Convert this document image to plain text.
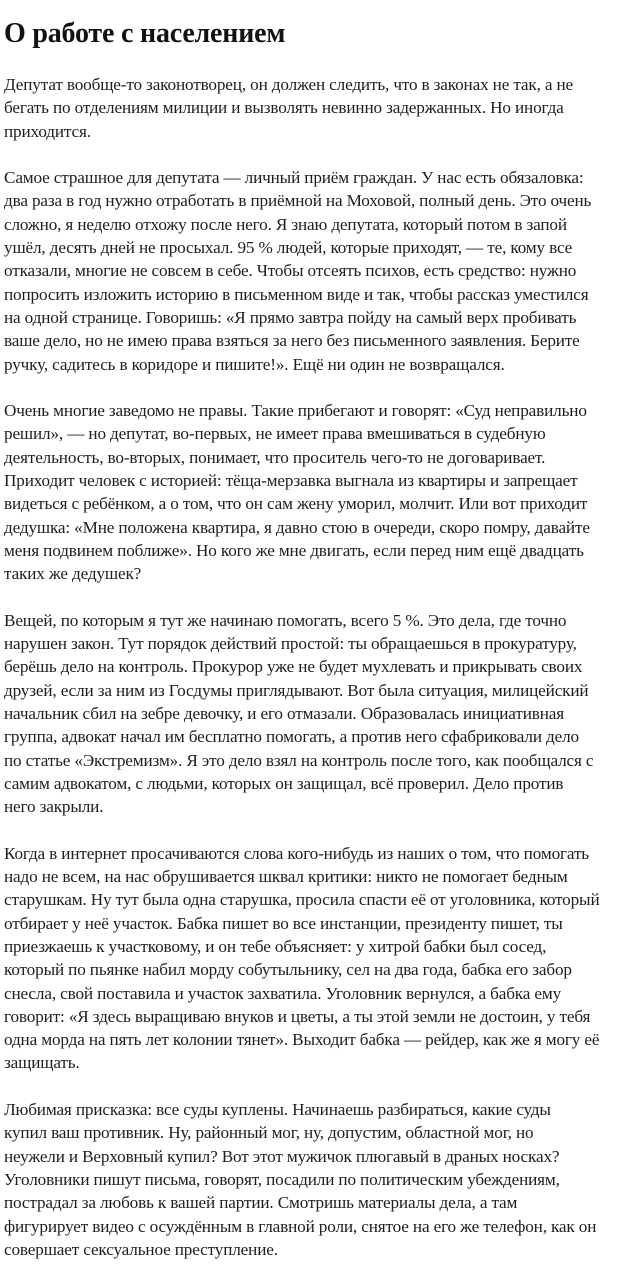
О работе с населением

Депутат вообще-то законотворец, он должен следить, что в законах не так, а не
бегать по отделениям милиции и вызволять невинно задержанных. Но иногда
приходится.

Самое страшное для депутата — личный приём граждан. У нас есть обязаловка:
два раза в год нужно отработать в приёмной на Моховой, полный день. Это очень
сложно, я неделю отхожу после него. Я знаю депутата, который потом в запой
ушёл, десять дней не просыхал. 95 % людей, которые приходят, — те, кому все
отказали, многие не совсем в себе. Чтобы отсеять психов, есть средство: нужно
попросить изложить историю в письменном виде и так, чтобы рассказ уместился
на одной странице. Говоришь: «Я прямо завтра пойду на самый верх пробивать
ваше дело, но не имею права взяться за него без письменного заявления. Берите
ручку, садитесь в коридоре и пишите!». Ещё ни один не возвращался.

Очень многие заведомо не правы. Такие прибегают и говорят: «Суд неправильно
решил», — но депутат, во-первых, не имеет права вмешиваться в судебную
деятельность, во-вторых, понимает, что проситель чего-то не договаривает.
Приходит человек с историей: тёща-мерзавка выгнала из квартиры и запрещает
видеться с ребёнком, а о том, что он сам жену уморил, молчит. Или вот приходит
дедушка: «Мне положена квартира, я давно стою в очереди, скоро помру, давайте
меня подвинем поближе». Но кого же мне двигать, если перед ним ещё двадцать
таких же дедушек?

Вещей, по которым я тут же начинаю помогать, всего 5 %. Это дела, где точно
нарушен закон. Тут порядок действий простой: ты обращаешься в прокуратуру,
берёшь дело на контроль. Прокурор уже не будет мухлевать и прикрывать своих
друзей, если за ним из Госдумы приглядывают. Вот была ситуация, милицейский
начальник сбил на зебре девочку, и его отмазали. Образовалась инициативная
группа, адвокат начал им бесплатно помогать, а против него сфабриковали дело
по статье «Экстремизм». Я это дело взял на контроль после того, как пообщался с
самим адвокатом, с людьми, которых он защищал, всё проверил. Дело против
него закрыли.

Когда в интернет просачиваются слова кого-нибудь из наших о том, что помогать
надо не всем, на нас обрушивается шквал критики: никто не помогает бедным
старушкам. Ну тут была одна старушка, просила спасти её от уголовника, который
отбирает у неё участок. Бабка пишет во все инстанции, президенту пишет, ты
приезжаешь к участковому, и он тебе объясняет: у хитрой бабки был сосед,
который по пьянке набил морду собутыльнику, сел на два года, бабка его забор
снесла, свой поставила и участок захватила. Уголовник вернулся, а бабка ему
говорит: «Я здесь выращиваю внуков и цветы, а ты этой земли не достоин, у тебя
одна морда на пять лет колонии тянет». Выходит бабка — рейдер, как же я могу её
защищать.

Любимая присказка: все суды куплены. Начинаешь разбираться, какие суды
купил ваш противник. Ну, районный мог, ну, допустим, областной мог, но
неужели и Верховный купил? Вот этот мужичок плюгавый в драных носках?
Уголовники пишут письма, говорят, посадили по политическим убеждениям,
пострадал за любовь к вашей партии. Смотришь материалы дела, а там
фигурирует видео с осуждённым в главной роли, снятое на его же телефон, как он
совершает сексуальное преступление.
